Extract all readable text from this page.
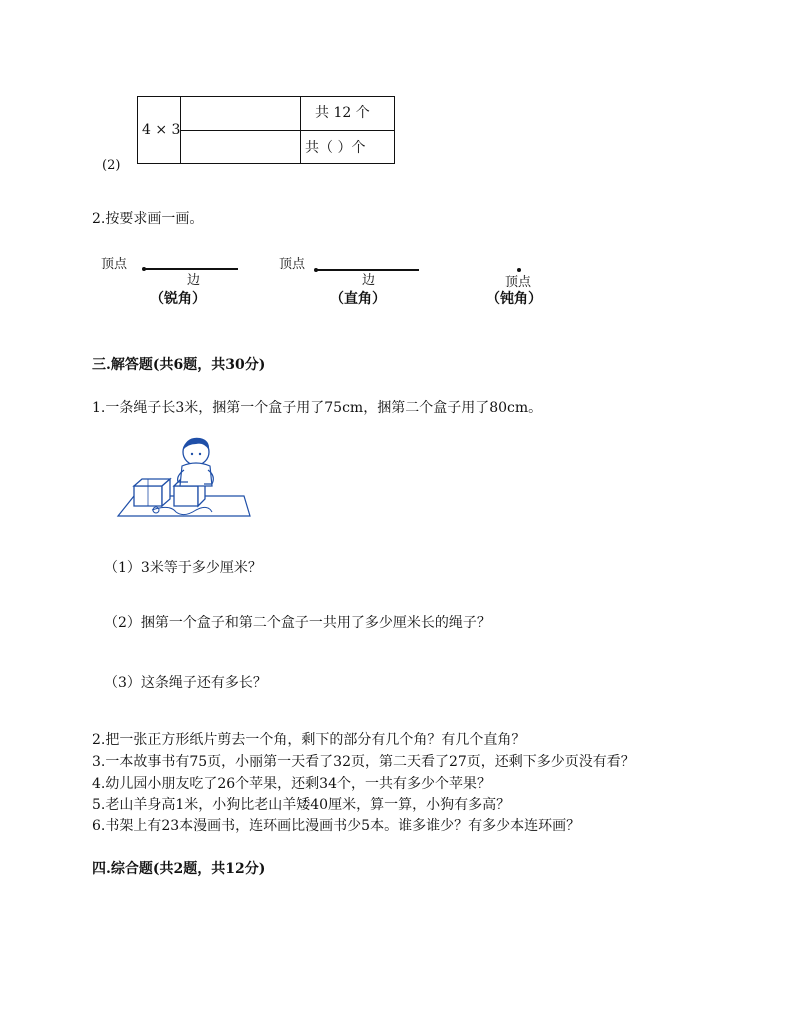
4 × 3
共 12 个
共（ ）个
(2)
2.按要求画一画。
顶点
边
（锐角）
顶点
边
（直角）
顶点
（钝角）
三.解答题(共6题，共30分)
1.一条绳子长3米，捆第一个盒子用了75cm，捆第二个盒子用了80cm。
（1）3米等于多少厘米？
（2）捆第一个盒子和第二个盒子一共用了多少厘米长的绳子？
（3）这条绳子还有多长？
2.把一张正方形纸片剪去一个角，剩下的部分有几个角？有几个直角？
3.一本故事书有75页，小丽第一天看了32页，第二天看了27页，还剩下多少页没有看？
4.幼儿园小朋友吃了26个苹果，还剩34个，一共有多少个苹果？
5.老山羊身高1米，小狗比老山羊矮40厘米，算一算，小狗有多高？
6.书架上有23本漫画书，连环画比漫画书少5本。谁多谁少？有多少本连环画？
四.综合题(共2题，共12分)
